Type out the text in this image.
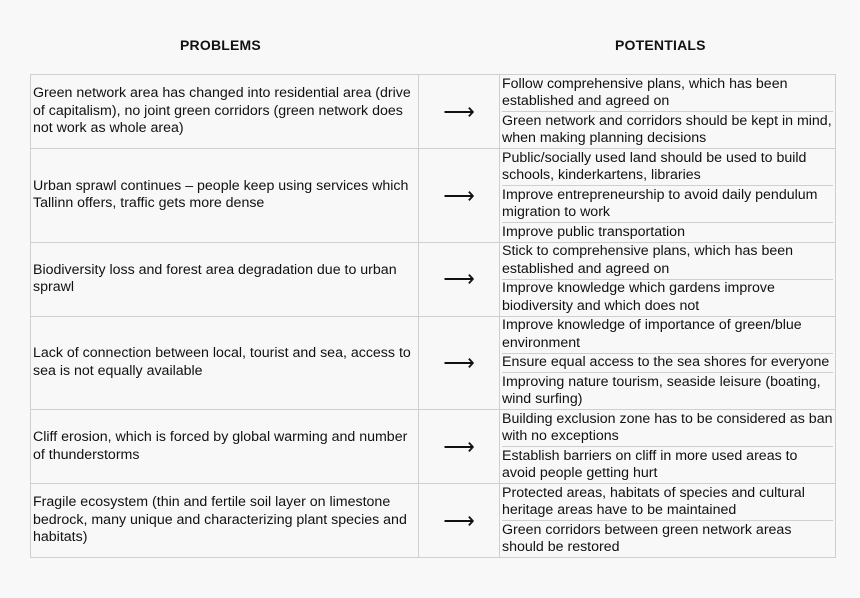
PROBLEMS	POTENTIALS
Green network area has changed into residential area (drive of capitalism), no joint green corridors (green network does not work as whole area)	⟶	Follow comprehensive plans, which has been established and agreed on
Green network and corridors should be kept in mind, when making planning decisions

Urban sprawl continues – people keep using services which Tallinn offers, traffic gets more dense	⟶	Public/socially used land should be used to build schools, kinderkartens, libraries
Improve entrepreneurship to avoid daily pendulum migration to work
Improve public transportation

Biodiversity loss and forest area degradation due to urban sprawl	⟶	Stick to comprehensive plans, which has been established and agreed on
Improve knowledge which gardens improve biodiversity and which does not

Lack of connection between local, tourist and sea, access to sea is not equally available	⟶	Improve knowledge of importance of green/blue environment
Ensure equal access to the sea shores for everyone
Improving nature tourism, seaside leisure (boating, wind surfing)

Cliff erosion, which is forced by global warming and number of thunderstorms	⟶	Building exclusion zone has to be considered as ban with no exceptions
Establish barriers on cliff in more used areas to avoid people getting hurt

Fragile ecosystem (thin and fertile soil layer on limestone bedrock, many unique and characterizing plant species and habitats)	⟶	Protected areas, habitats of species and cultural heritage areas have to be maintained
Green corridors between green network areas should be restored
